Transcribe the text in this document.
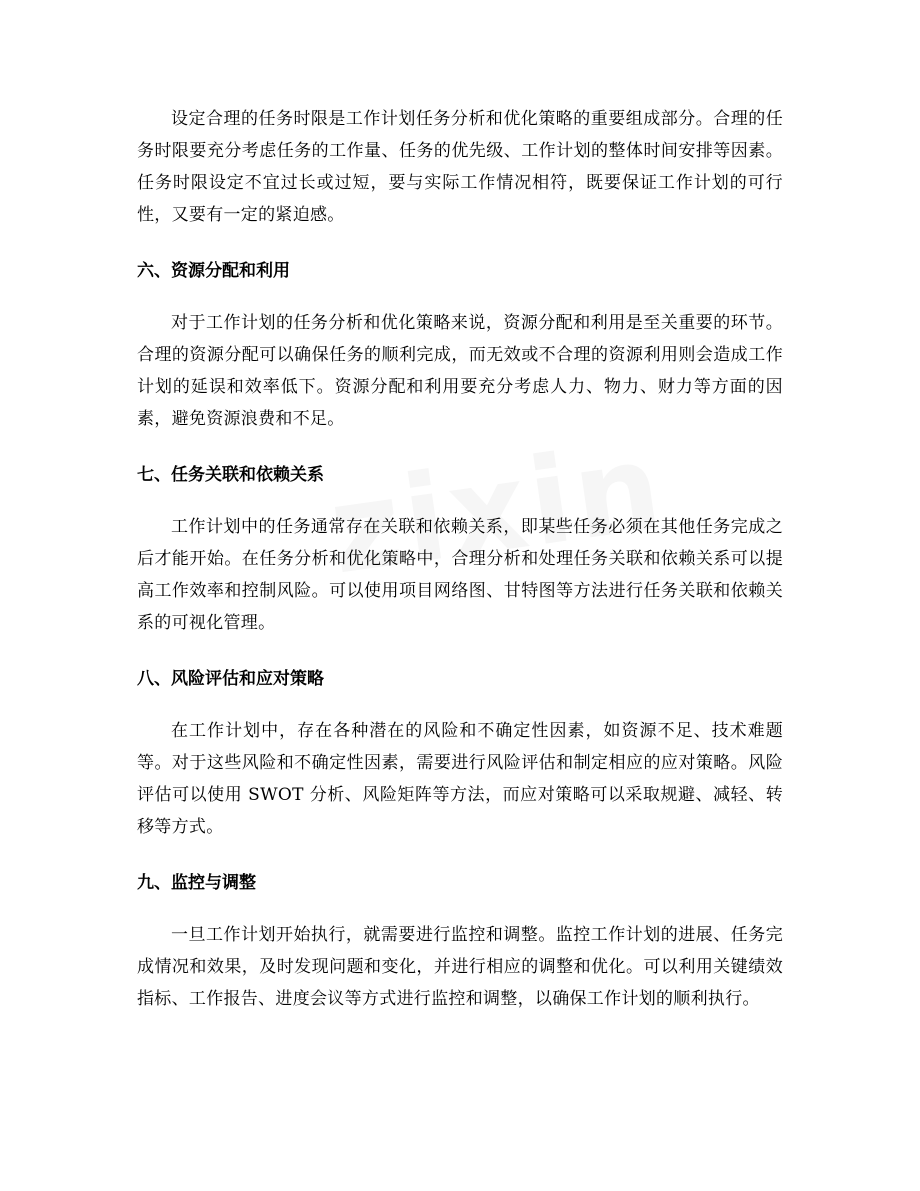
设定合理的任务时限是工作计划任务分析和优化策略的重要组成部分。合理的任务时限要充分考虑任务的工作量、任务的优先级、工作计划的整体时间安排等因素。任务时限设定不宜过长或过短，要与实际工作情况相符，既要保证工作计划的可行性，又要有一定的紧迫感。

六、资源分配和利用

对于工作计划的任务分析和优化策略来说，资源分配和利用是至关重要的环节。合理的资源分配可以确保任务的顺利完成，而无效或不合理的资源利用则会造成工作计划的延误和效率低下。资源分配和利用要充分考虑人力、物力、财力等方面的因素，避免资源浪费和不足。

七、任务关联和依赖关系

工作计划中的任务通常存在关联和依赖关系，即某些任务必须在其他任务完成之后才能开始。在任务分析和优化策略中，合理分析和处理任务关联和依赖关系可以提高工作效率和控制风险。可以使用项目网络图、甘特图等方法进行任务关联和依赖关系的可视化管理。

八、风险评估和应对策略

在工作计划中，存在各种潜在的风险和不确定性因素，如资源不足、技术难题等。对于这些风险和不确定性因素，需要进行风险评估和制定相应的应对策略。风险评估可以使用 SWOT 分析、风险矩阵等方法，而应对策略可以采取规避、减轻、转移等方式。

九、监控与调整

一旦工作计划开始执行，就需要进行监控和调整。监控工作计划的进展、任务完成情况和效果，及时发现问题和变化，并进行相应的调整和优化。可以利用关键绩效指标、工作报告、进度会议等方式进行监控和调整，以确保工作计划的顺利执行。
